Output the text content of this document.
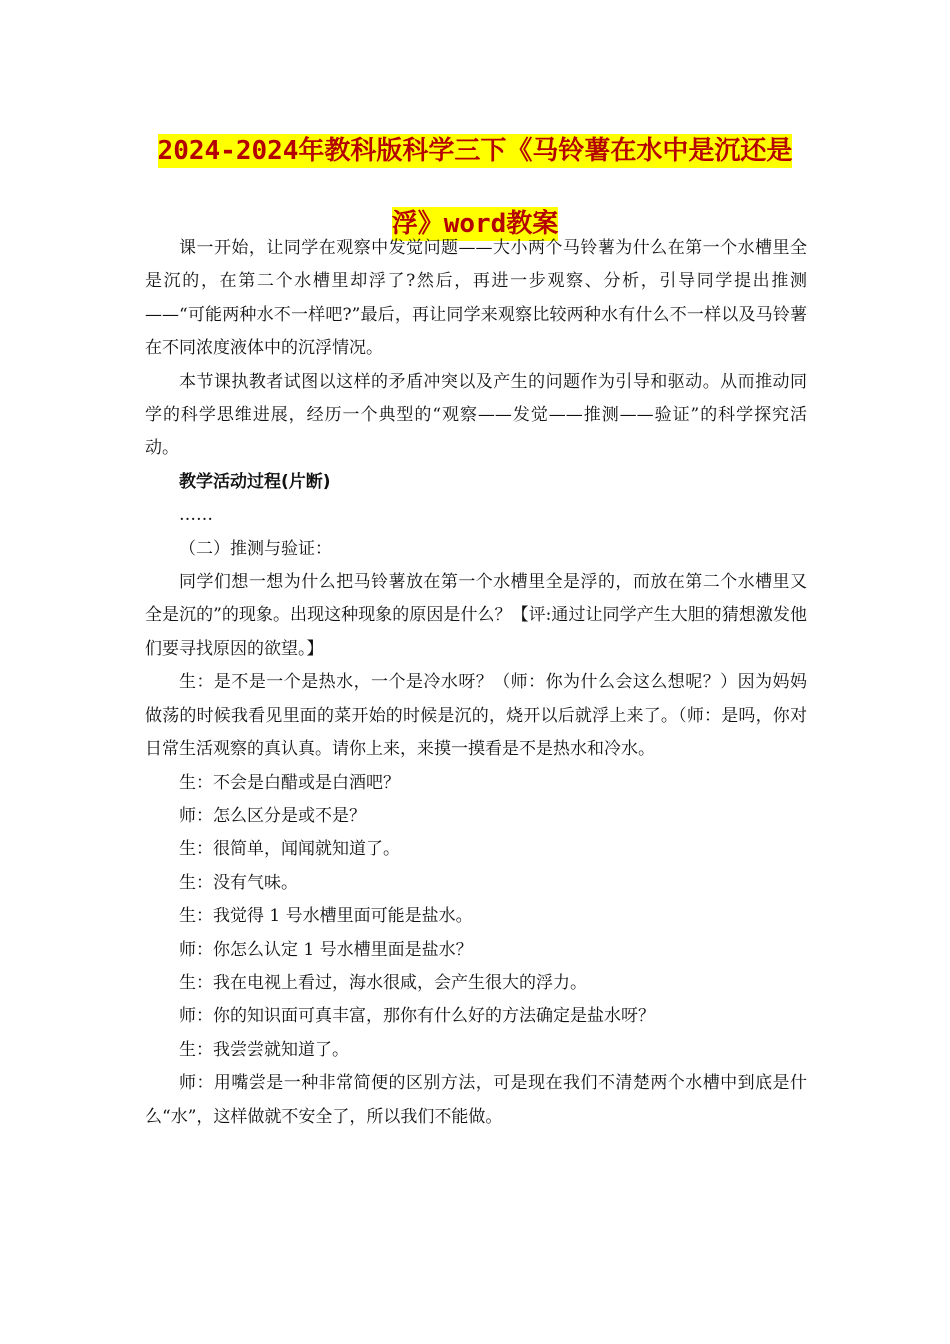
2024-2024年教科版科学三下《马铃薯在水中是沉还是
浮》word教案

课一开始，让同学在观察中发觉问题——大小两个马铃薯为什么在第一个水槽里全是沉的，在第二个水槽里却浮了?然后，再进一步观察、分析，引导同学提出推测——“可能两种水不一样吧?”最后，再让同学来观察比较两种水有什么不一样以及马铃薯在不同浓度液体中的沉浮情况。

本节课执教者试图以这样的矛盾冲突以及产生的问题作为引导和驱动。从而推动同学的科学思维进展，经历一个典型的“观察——发觉——推测——验证”的科学探究活动。

教学活动过程(片断)

……

（二）推测与验证：

同学们想一想为什么把马铃薯放在第一个水槽里全是浮的，而放在第二个水槽里又全是沉的”的现象。出现这种现象的原因是什么？【评:通过让同学产生大胆的猜想激发他们要寻找原因的欲望。】

生：是不是一个是热水，一个是冷水呀？（师：你为什么会这么想呢？）因为妈妈做荡的时候我看见里面的菜开始的时候是沉的，烧开以后就浮上来了。（师：是吗，你对日常生活观察的真认真。请你上来，来摸一摸看是不是热水和冷水。

生：不会是白醋或是白酒吧？

师：怎么区分是或不是？

生：很简单，闻闻就知道了。

生：没有气味。

生：我觉得 1 号水槽里面可能是盐水。

师：你怎么认定 1 号水槽里面是盐水？

生：我在电视上看过，海水很咸，会产生很大的浮力。

师：你的知识面可真丰富，那你有什么好的方法确定是盐水呀？

生：我尝尝就知道了。

师：用嘴尝是一种非常简便的区别方法，可是现在我们不清楚两个水槽中到底是什么“水”，这样做就不安全了，所以我们不能做。
